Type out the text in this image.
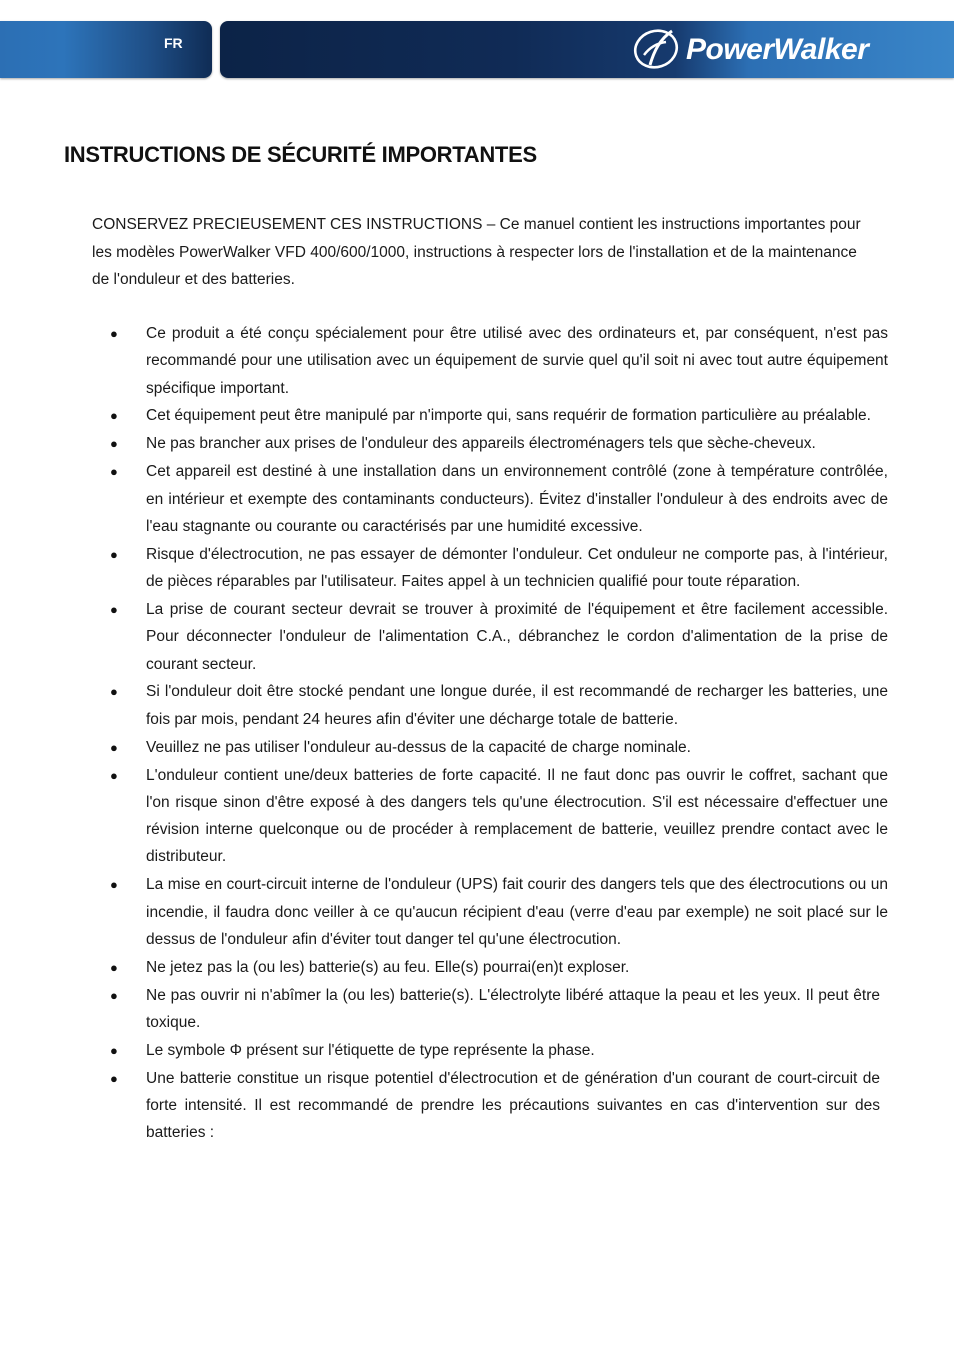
FR	PowerWalker
INSTRUCTIONS DE SÉCURITÉ IMPORTANTES

CONSERVEZ PRECIEUSEMENT CES INSTRUCTIONS – Ce manuel contient les instructions importantes pour les modèles PowerWalker VFD 400/600/1000, instructions à respecter lors de l'installation et de la maintenance de l'onduleur et des batteries.

● Ce produit a été conçu spécialement pour être utilisé avec des ordinateurs et, par conséquent, n'est pas recommandé pour une utilisation avec un équipement de survie quel qu'il soit ni avec tout autre équipement spécifique important.
● Cet équipement peut être manipulé par n'importe qui, sans requérir de formation particulière au préalable.
● Ne pas brancher aux prises de l'onduleur des appareils électroménagers tels que sèche-cheveux.
● Cet appareil est destiné à une installation dans un environnement contrôlé (zone à température contrôlée, en intérieur et exempte des contaminants conducteurs). Évitez d'installer l'onduleur à des endroits avec de l'eau stagnante ou courante ou caractérisés par une humidité excessive.
● Risque d'électrocution, ne pas essayer de démonter l'onduleur. Cet onduleur ne comporte pas, à l'intérieur, de pièces réparables par l'utilisateur. Faites appel à un technicien qualifié pour toute réparation.
● La prise de courant secteur devrait se trouver à proximité de l'équipement et être facilement accessible. Pour déconnecter l'onduleur de l'alimentation C.A., débranchez le cordon d'alimentation de la prise de courant secteur.
● Si l'onduleur doit être stocké pendant une longue durée, il est recommandé de recharger les batteries, une fois par mois, pendant 24 heures afin d'éviter une décharge totale de batterie.
● Veuillez ne pas utiliser l'onduleur au-dessus de la capacité de charge nominale.
● L'onduleur contient une/deux batteries de forte capacité. Il ne faut donc pas ouvrir le coffret, sachant que l'on risque sinon d'être exposé à des dangers tels qu'une électrocution. S'il est nécessaire d'effectuer une révision interne quelconque ou de procéder à remplacement de batterie, veuillez prendre contact avec le distributeur.
● La mise en court-circuit interne de l'onduleur (UPS) fait courir des dangers tels que des électrocutions ou un incendie, il faudra donc veiller à ce qu'aucun récipient d'eau (verre d'eau par exemple) ne soit placé sur le dessus de l'onduleur afin d'éviter tout danger tel qu'une électrocution.
● Ne jetez pas la (ou les) batterie(s) au feu. Elle(s) pourrai(en)t exploser.
● Ne pas ouvrir ni n'abîmer la (ou les) batterie(s). L'électrolyte libéré attaque la peau et les yeux. Il peut être toxique.
● Le symbole Φ présent sur l'étiquette de type représente la phase.
● Une batterie constitue un risque potentiel d'électrocution et de génération d'un courant de court-circuit de forte intensité. Il est recommandé de prendre les précautions suivantes en cas d'intervention sur des batteries :
